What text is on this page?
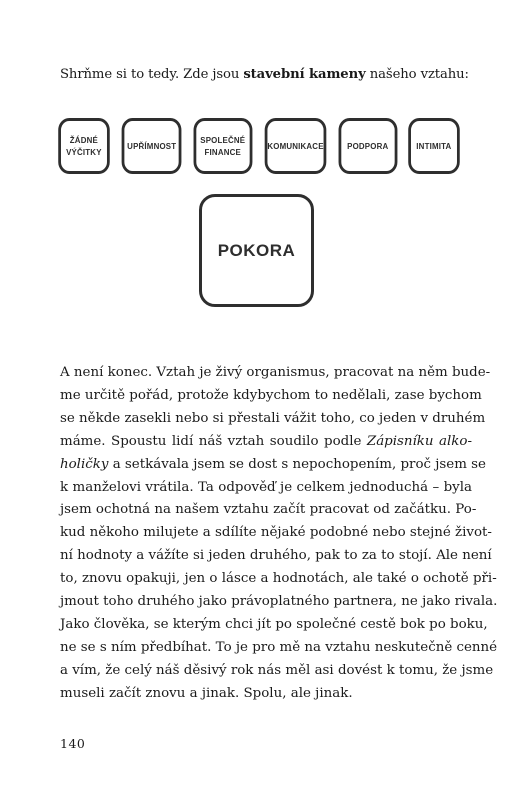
Shrňme si to tedy. Zde jsou stavební kameny našeho vztahu:
ŽÁDNÉ
VÝČITKY
UPŘÍMNOST
SPOLEČNÉ
FINANCE
KOMUNIKACE	PODPORA	INTIMITA
POKORA
A není konec. Vztah je živý organismus, pracovat na něm bude-
me určitě pořád, protože kdybychom to nedělali, zase bychom
se někde zasekli nebo si přestali vážit toho, co jeden v druhém
máme. Spoustu lidí náš vztah soudilo podle Zápisníku alko-
holičky a setkávala jsem se dost s nepochopením, proč jsem se
k manželovi vrátila. Ta odpověď je celkem jednoduchá – byla
jsem ochotná na našem vztahu začít pracovat od začátku. Po-
kud někoho milujete a sdílíte nějaké podobné nebo stejné život-
ní hodnoty a vážíte si jeden druhého, pak to za to stojí. Ale není
to, znovu opakuji, jen o lásce a hodnotách, ale také o ochotě při-
jmout toho druhého jako právoplatného partnera, ne jako rivala.
Jako člověka, se kterým chci jít po společné cestě bok po boku,
ne se s ním předbíhat. To je pro mě na vztahu neskutečně cenné
a vím, že celý náš děsivý rok nás měl asi dovést k tomu, že jsme
museli začít znovu a jinak. Spolu, ale jinak.
140
